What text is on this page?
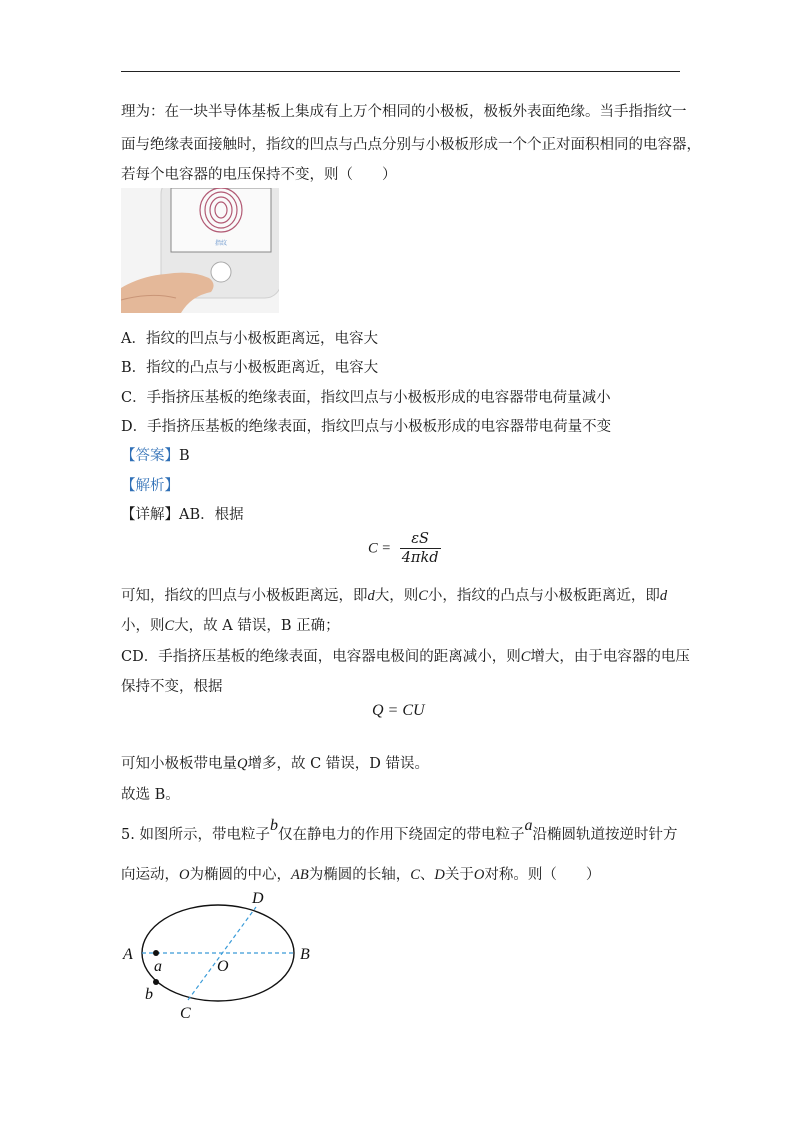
理为：在一块半导体基板上集成有上万个相同的小极板，极板外表面绝缘。当手指指纹一
面与绝缘表面接触时，指纹的凹点与凸点分别与小极板形成一个个正对面积相同的电容器，
若每个电容器的电压保持不变，则（　　）
指纹
A．指纹的凹点与小极板距离远，电容大
B．指纹的凸点与小极板距离近，电容大
C．手指挤压基板的绝缘表面，指纹凹点与小极板形成的电容器带电荷量减小
D．手指挤压基板的绝缘表面，指纹凹点与小极板形成的电容器带电荷量不变
【答案】B
【解析】
【详解】AB．根据
$C = \frac{\varepsilon S}{\text{4πkd}}$
可知，指纹的凹点与小极板距离远，即d大，则C小，指纹的凸点与小极板距离近，即d
小，则C大，故 A 错误，B 正确；
CD．手指挤压基板的绝缘表面，电容器电极间的距离减小，则C增大，由于电容器的电压
保持不变，根据
Q = CU
可知小极板带电量Q增多，故 C 错误，D 错误。
故选 B。
5. 如图所示，带电粒子b仅在静电力的作用下绕固定的带电粒子a沿椭圆轨道按逆时针方
向运动，O为椭圆的中心，AB为椭圆的长轴，C、D关于O对称。则（　　）
A	B
C
D
O
a
b
